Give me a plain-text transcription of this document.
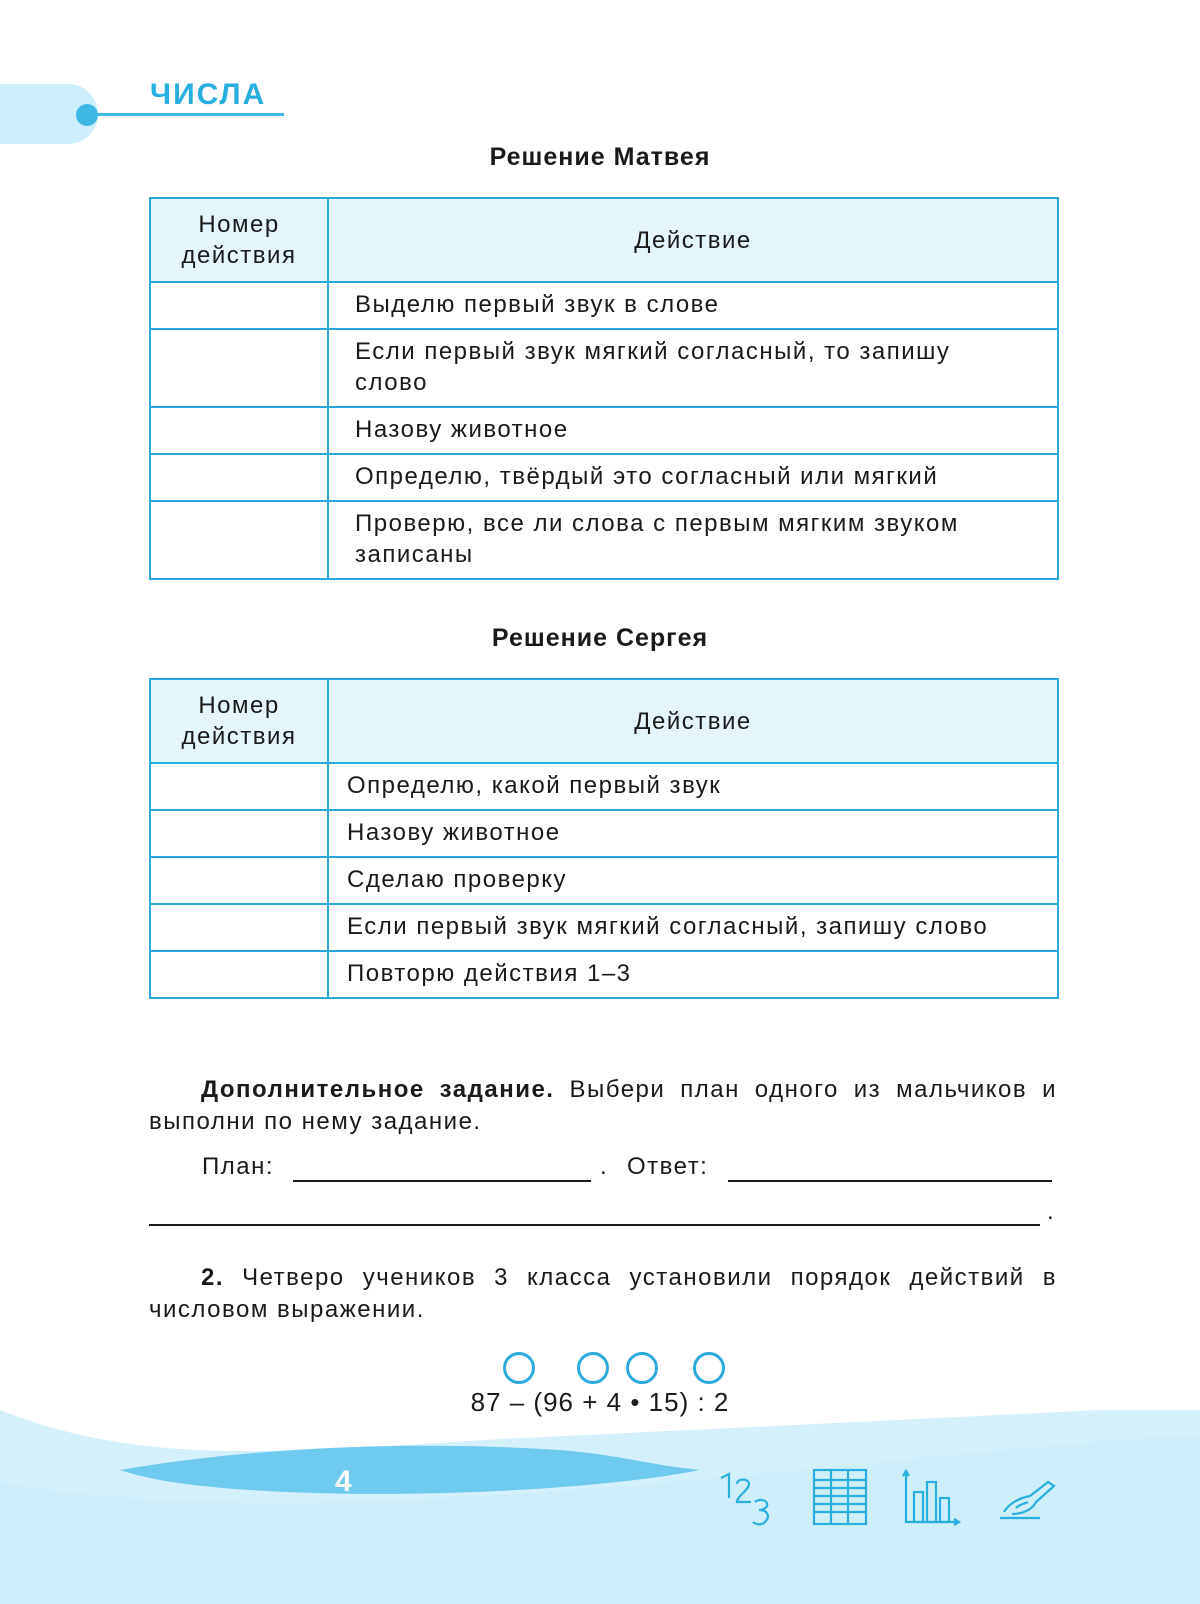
ЧИСЛА
Решение Матвея
Номер действия	Действие
	Выделю первый звук в слове
	Если первый звук мягкий согласный, то запишу слово
	Назову животное
	Определю, твёрдый это согласный или мягкий
	Проверю, все ли слова с первым мягким звуком записаны
Решение Сергея
Номер действия	Действие
	Определю, какой первый звук
	Назову животное
	Сделаю проверку
	Если первый звук мягкий согласный, запишу слово
	Повторю действия 1–3
Дополнительное задание. Выбери план одного из мальчиков и выполни по нему задание.
План:	. Ответ:
.
2. Четверо учеников 3 класса установили порядок действий в числовом выражении.
87 – (96 + 4 • 15) : 2
4
